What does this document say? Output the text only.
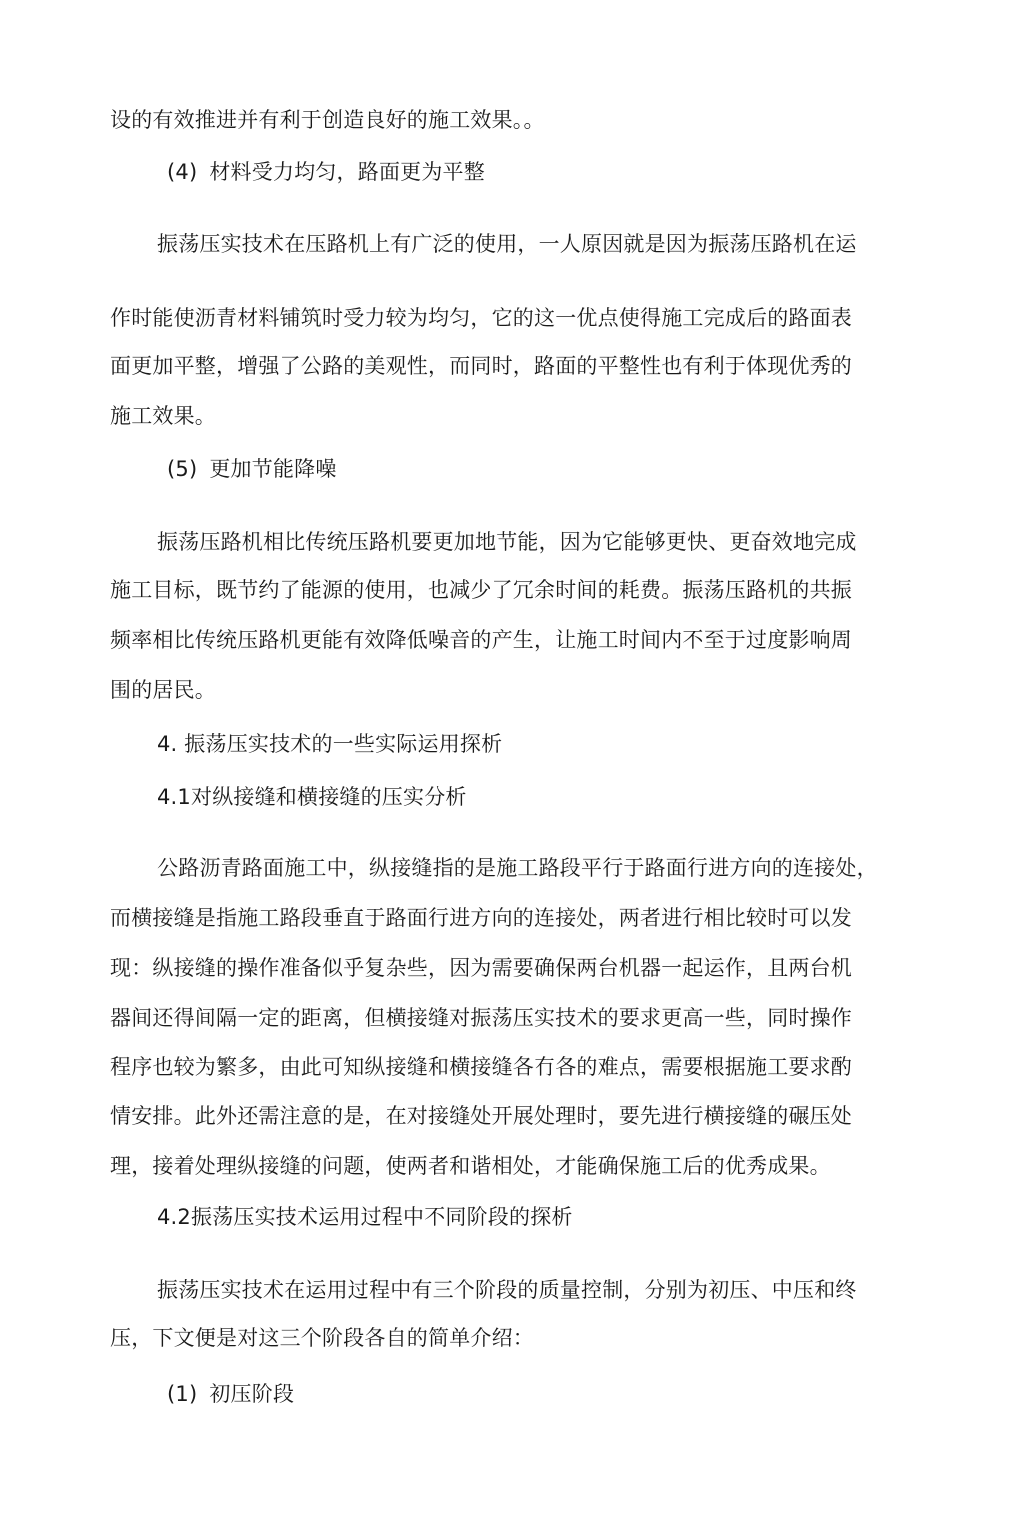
设的有效推进并有利于创造良好的施工效果。。
(4) 材料受力均匀，路面更为平整
振荡压实技术在压路机上有广泛的使用，一人原因就是因为振荡压路机在运
作时能使沥青材料铺筑时受力较为均匀，它的这一优点使得施工完成后的路面表
面更加平整，增强了公路的美观性，而同时，路面的平整性也有利于体现优秀的
施工效果。
(5) 更加节能降噪
振荡压路机相比传统压路机要更加地节能，因为它能够更快、更奋效地完成
施工目标，既节约了能源的使用，也减少了冗余时间的耗费。振荡压路机的共振
频率相比传统压路机更能有效降低噪音的产生，让施工时间内不至于过度影响周
围的居民。
4. 振荡压实技术的一些实际运用探析
4.1对纵接缝和横接缝的压实分析
公路沥青路面施工中，纵接缝指的是施工路段平行于路面行进方向的连接处，
而横接缝是指施工路段垂直于路面行进方向的连接处，两者进行相比较时可以发
现：纵接缝的操作准备似乎复杂些，因为需要确保两台机器一起运作，且两台机
器间还得间隔一定的距离，但横接缝对振荡压实技术的要求更高一些，同时操作
程序也较为繁多，由此可知纵接缝和横接缝各冇各的难点，需要根据施工要求酌
情安排。此外还需注意的是，在对接缝处开展处理时，要先进行横接缝的碾压处
理，接着处理纵接缝的问题，使两者和谐相处，才能确保施工后的优秀成果。
4.2振荡压实技术运用过程中不同阶段的探析
振荡压实技术在运用过程中有三个阶段的质量控制，分别为初压、中压和终
压，下文便是对这三个阶段各自的简单介绍：
(1) 初压阶段
